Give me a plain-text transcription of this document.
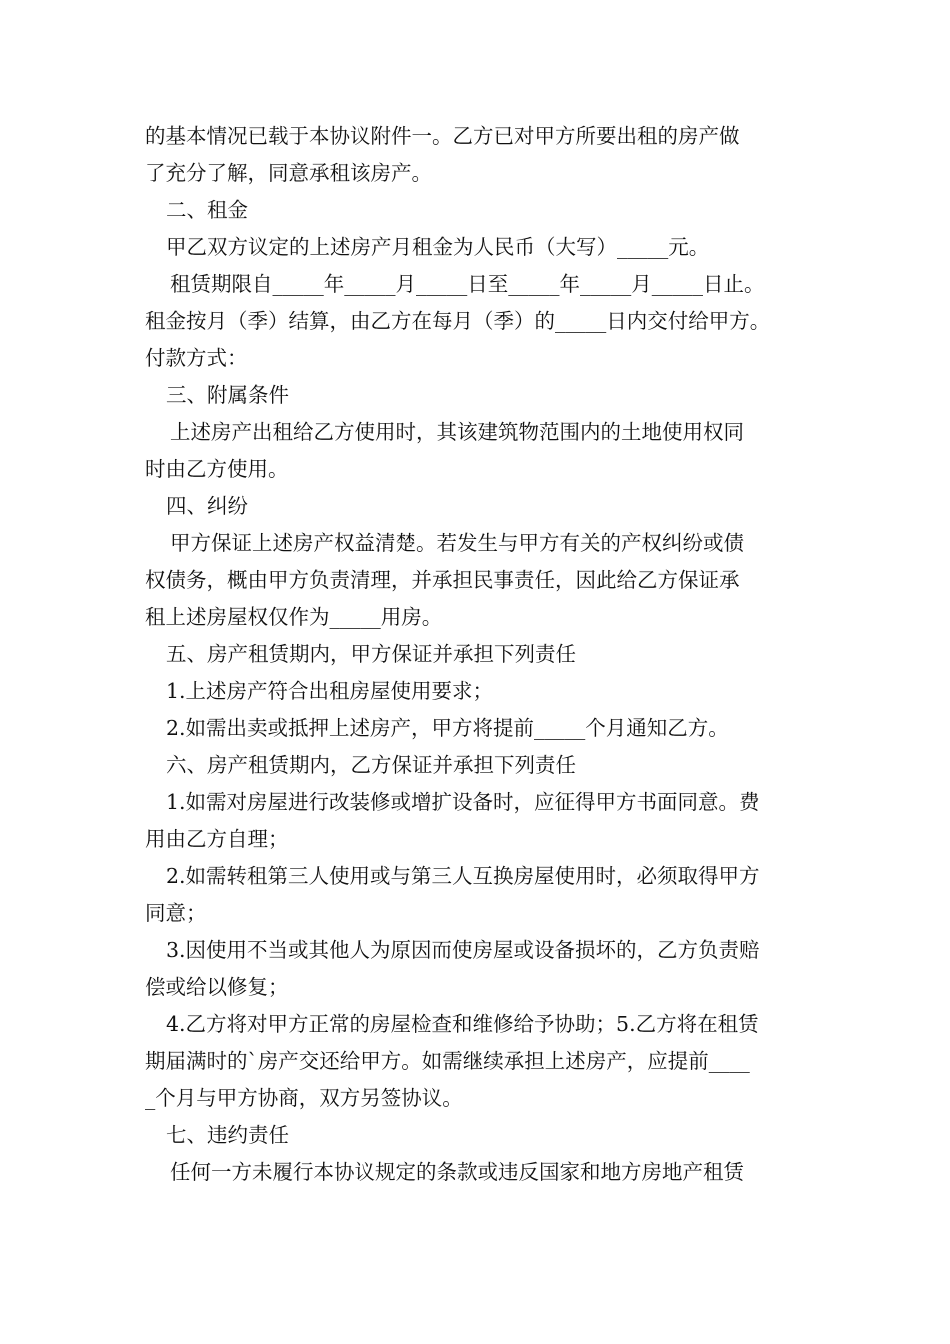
的基本情况已载于本协议附件一。乙方已对甲方所要出租的房产做
了充分了解，同意承租该房产。
二、租金
甲乙双方议定的上述房产月租金为人民币（大写）_____元。
租赁期限自_____年_____月_____日至_____年_____月_____日止。
租金按月（季）结算，由乙方在每月（季）的_____日内交付给甲方。
付款方式：
三、附属条件
上述房产出租给乙方使用时，其该建筑物范围内的土地使用权同
时由乙方使用。
四、纠纷
甲方保证上述房产权益清楚。若发生与甲方有关的产权纠纷或债
权债务，概由甲方负责清理，并承担民事责任，因此给乙方保证承
租上述房屋权仅作为_____用房。
五、房产租赁期内，甲方保证并承担下列责任
1.上述房产符合出租房屋使用要求；
2.如需出卖或抵押上述房产，甲方将提前_____个月通知乙方。
六、房产租赁期内，乙方保证并承担下列责任
1.如需对房屋进行改装修或增扩设备时，应征得甲方书面同意。费
用由乙方自理；
2.如需转租第三人使用或与第三人互换房屋使用时，必须取得甲方
同意；
3.因使用不当或其他人为原因而使房屋或设备损坏的，乙方负责赔
偿或给以修复；
4.乙方将对甲方正常的房屋检查和维修给予协助；5.乙方将在租赁
期届满时的`房产交还给甲方。如需继续承担上述房产，应提前____
_个月与甲方协商，双方另签协议。
七、违约责任
任何一方未履行本协议规定的条款或违反国家和地方房地产租赁
